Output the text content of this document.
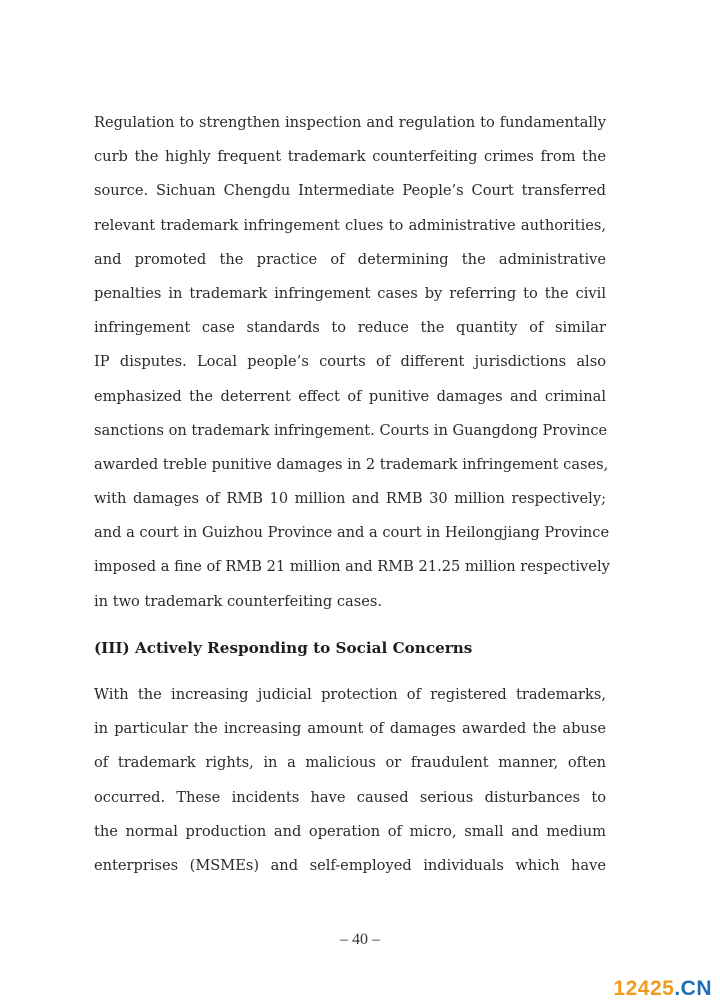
Regulation to strengthen inspection and regulation to fundamentally
curb the highly frequent trademark counterfeiting crimes from the
source. Sichuan Chengdu Intermediate People’s Court transferred
relevant trademark infringement clues to administrative authorities,
and promoted the practice of determining the administrative
penalties in trademark infringement cases by referring to the civil
infringement case standards to reduce the quantity of similar
IP disputes. Local people’s courts of different jurisdictions also
emphasized the deterrent effect of punitive damages and criminal
sanctions on trademark infringement. Courts in Guangdong Province
awarded treble punitive damages in 2 trademark infringement cases,
with damages of RMB 10 million and RMB 30 million respectively;
and a court in Guizhou Province and a court in Heilongjiang Province
imposed a fine of RMB 21 million and RMB 21.25 million respectively
in two trademark counterfeiting cases.
(III) Actively Responding to Social Concerns
With the increasing judicial protection of registered trademarks,
in particular the increasing amount of damages awarded the abuse
of trademark rights, in a malicious or fraudulent manner, often
occurred. These incidents have caused serious disturbances to
the normal production and operation of micro, small and medium
enterprises (MSMEs) and self-employed individuals which have
– 40 –
12425.CN
